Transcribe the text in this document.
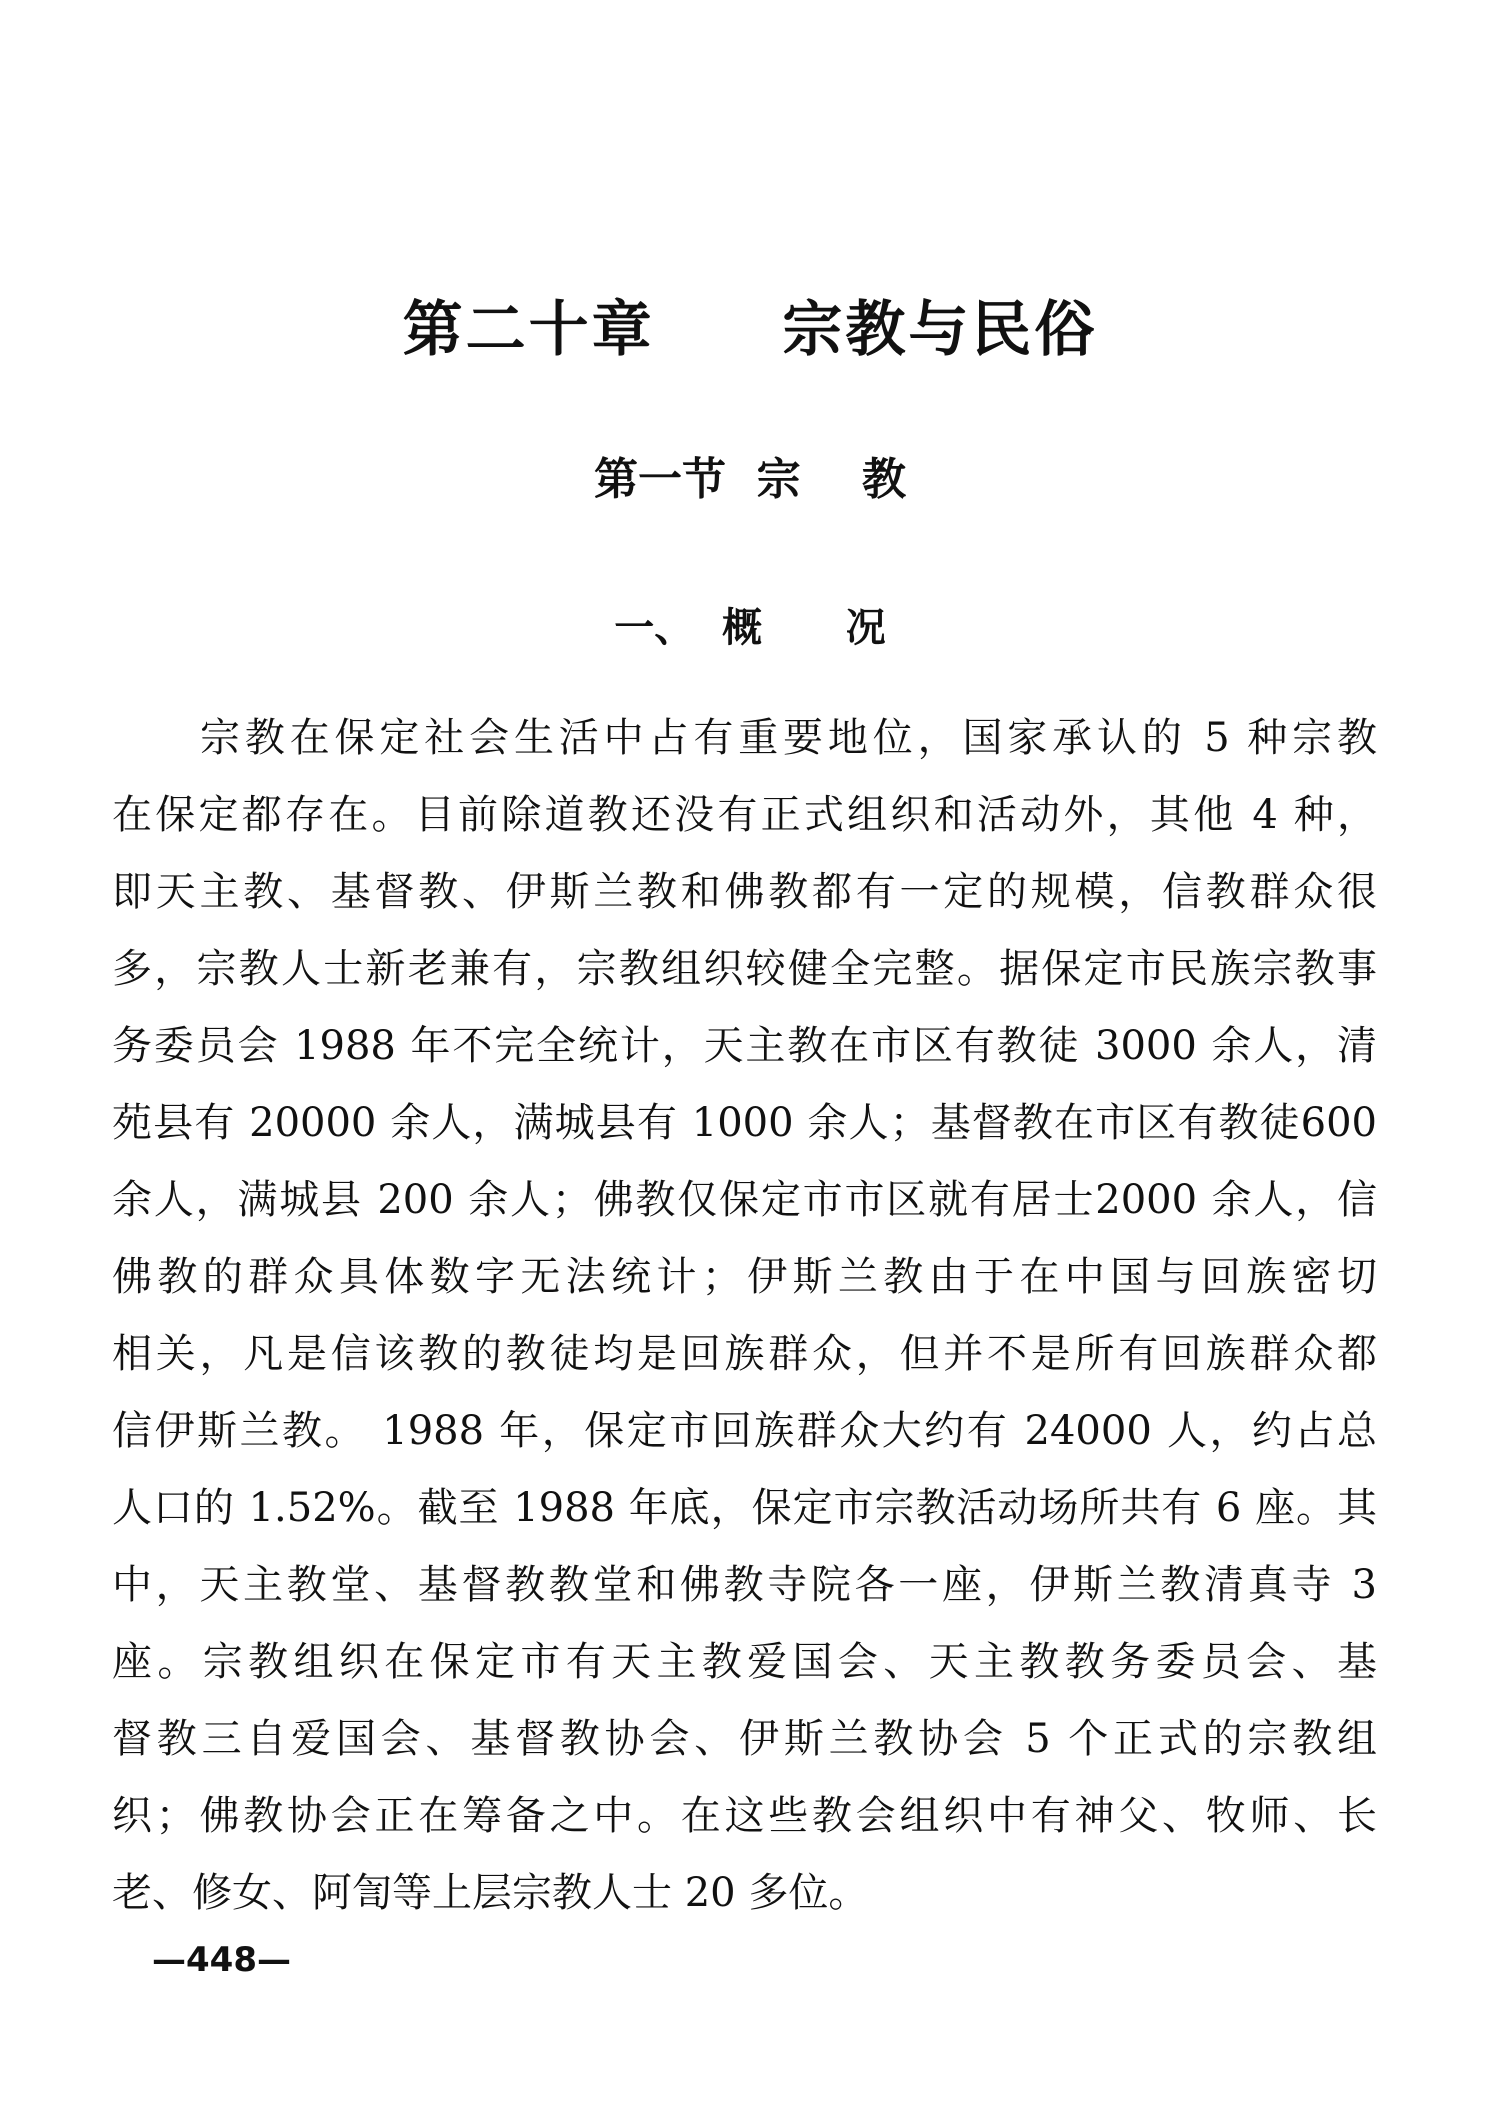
第二十章  宗教与民俗
第一节  宗    教
一、  概      况
宗教在保定社会生活中占有重要地位，国家承认的 5 种宗教
在保定都存在。目前除道教还没有正式组织和活动外，其他 4 种，
即天主教、基督教、伊斯兰教和佛教都有一定的规模，信教群众很
多，宗教人士新老兼有，宗教组织较健全完整。据保定市民族宗教事
务委员会 1988 年不完全统计，天主教在市区有教徒 3000 余人，清
苑县有 20000 余人，满城县有 1000 余人；基督教在市区有教徒600
余人，满城县 200 余人；佛教仅保定市市区就有居士2000 余人，信
佛教的群众具体数字无法统计；伊斯兰教由于在中国与回族密切
相关，凡是信该教的教徒均是回族群众，但并不是所有回族群众都
信伊斯兰教。 1988 年，保定市回族群众大约有 24000 人，约占总
人口的 1.52%。截至 1988 年底，保定市宗教活动场所共有 6 座。其
中，天主教堂、基督教教堂和佛教寺院各一座，伊斯兰教清真寺 3
座。宗教组织在保定市有天主教爱国会、天主教教务委员会、基
督教三自爱国会、基督教协会、伊斯兰教协会 5 个正式的宗教组
织；佛教协会正在筹备之中。在这些教会组织中有神父、牧师、长
老、修女、阿訇等上层宗教人士 20 多位。
—448—
